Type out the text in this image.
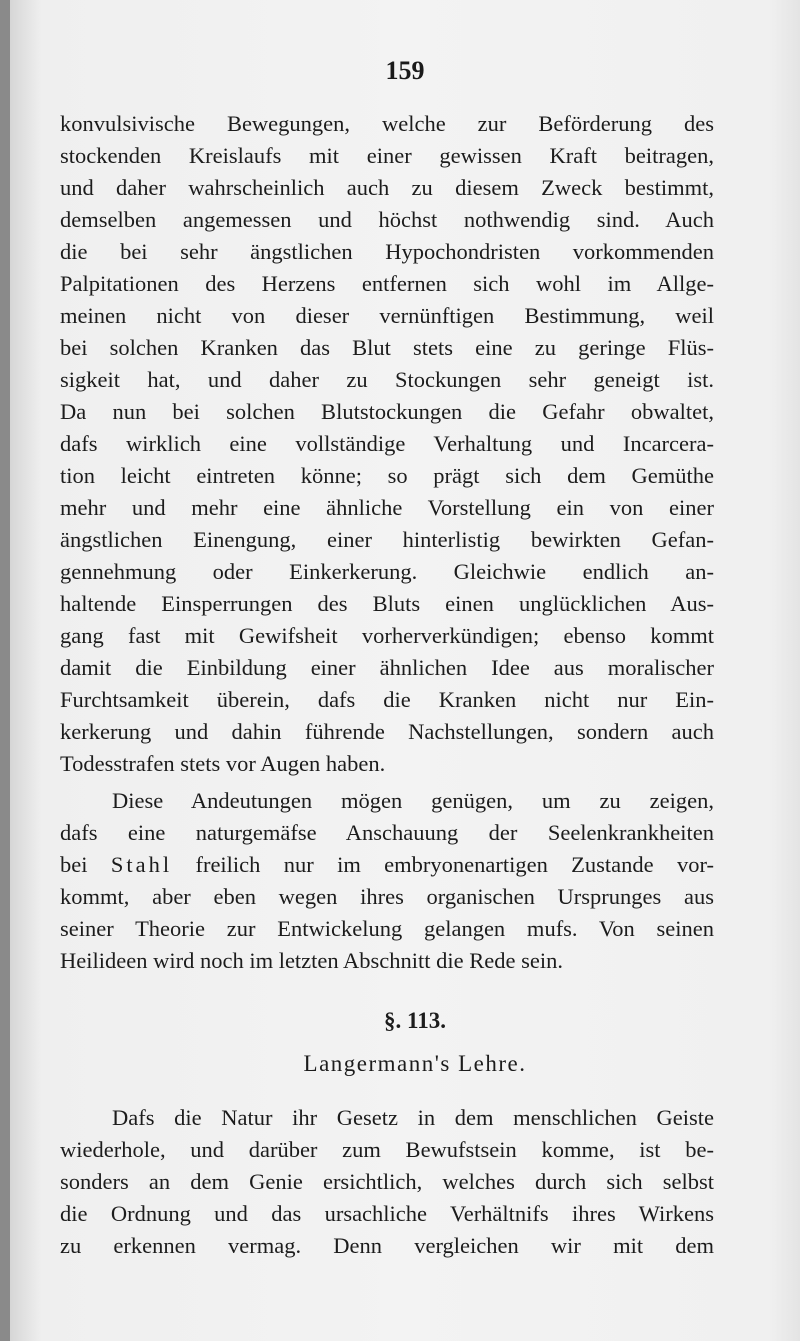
159
konvulsivische Bewegungen, welche zur Beförderung des
stockenden Kreislaufs mit einer gewissen Kraft beitragen,
und daher wahrscheinlich auch zu diesem Zweck bestimmt,
demselben angemessen und höchst nothwendig sind. Auch
die bei sehr ängstlichen Hypochondristen vorkommenden
Palpitationen des Herzens entfernen sich wohl im Allge-
meinen nicht von dieser vernünftigen Bestimmung, weil
bei solchen Kranken das Blut stets eine zu geringe Flüs-
sigkeit hat, und daher zu Stockungen sehr geneigt ist.
Da nun bei solchen Blutstockungen die Gefahr obwaltet,
dafs wirklich eine vollständige Verhaltung und Incarcera-
tion leicht eintreten könne; so prägt sich dem Gemüthe
mehr und mehr eine ähnliche Vorstellung ein von einer
ängstlichen Einengung, einer hinterlistig bewirkten Gefan-
gennehmung oder Einkerkerung. Gleichwie endlich an-
haltende Einsperrungen des Bluts einen unglücklichen Aus-
gang fast mit Gewifsheit vorherverkündigen; ebenso kommt
damit die Einbildung einer ähnlichen Idee aus moralischer
Furchtsamkeit überein, dafs die Kranken nicht nur Ein-
kerkerung und dahin führende Nachstellungen, sondern auch
Todesstrafen stets vor Augen haben.
Diese Andeutungen mögen genügen, um zu zeigen,
dafs eine naturgemäfse Anschauung der Seelenkrankheiten
bei Stahl freilich nur im embryonenartigen Zustande vor-
kommt, aber eben wegen ihres organischen Ursprunges aus
seiner Theorie zur Entwickelung gelangen mufs. Von seinen
Heilideen wird noch im letzten Abschnitt die Rede sein.
§. 113.
Langermann's Lehre.
Dafs die Natur ihr Gesetz in dem menschlichen Geiste
wiederhole, und darüber zum Bewufstsein komme, ist be-
sonders an dem Genie ersichtlich, welches durch sich selbst
die Ordnung und das ursachliche Verhältnifs ihres Wirkens
zu erkennen vermag. Denn vergleichen wir mit dem
